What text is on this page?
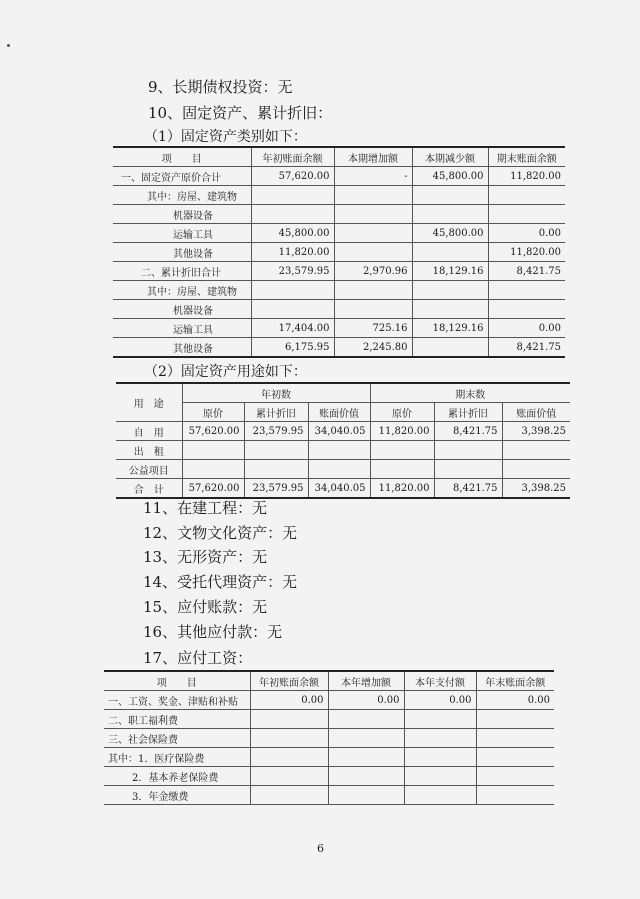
9、长期债权投资：无
10、固定资产、累计折旧：
（1）固定资产类别如下：
项　　目	年初账面余额	本期增加额	本期减少额	期末账面余额
一、固定资产原价合计	57,620.00	-	45,800.00	11,820.00
其中：房屋、建筑物				
机器设备				
运输工具	45,800.00		45,800.00	0.00
其他设备	11,820.00			11,820.00
二、累计折旧合计	23,579.95	2,970.96	18,129.16	8,421.75
其中：房屋、建筑物				
机器设备				
运输工具	17,404.00	725.16	18,129.16	0.00
其他设备	6,175.95	2,245.80		8,421.75
（2）固定资产用途如下：
用　途	年初数			期末数		
	原价	累计折旧	账面价值	原价	累计折旧	账面价值
自　用	57,620.00	23,579.95	34,040.05	11,820.00	8,421.75	3,398.25
出　租						
公益项目						
合　计	57,620.00	23,579.95	34,040.05	11,820.00	8,421.75	3,398.25
11、在建工程：无
12、文物文化资产：无
13、无形资产：无
14、受托代理资产：无
15、应付账款：无
16、其他应付款：无
17、应付工资：
项　　目	年初账面余额	本年增加额	本年支付额	年末账面余额
一、工资、奖金、津贴和补贴	0.00	0.00	0.00	0.00
二、职工福利费				
三、社会保险费				
其中：1．医疗保险费				
2．基本养老保险费				
3．年金缴费				
6
